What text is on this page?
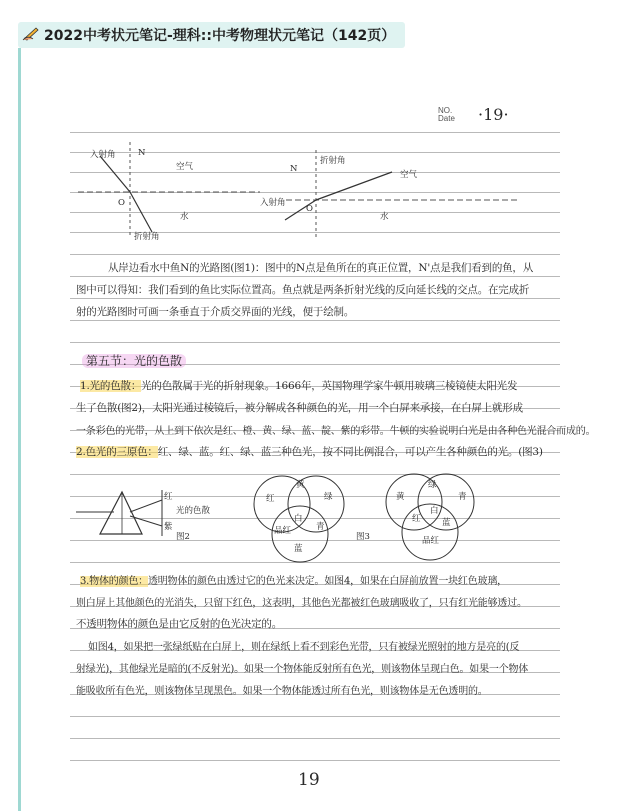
2022中考状元笔记-理科::中考物理状元笔记（142页）
NO.
Date ·19·
入射角	N
空气
O
水
折射角
折射角
N
空气
入射角
O
水
从岸边看水中鱼N的光路图(图1)：图中的N点是鱼所在的真正位置，N'点是我们看到的鱼，从
图中可以得知：我们看到的鱼比实际位置高。鱼点就是两条折射光线的反向延长线的交点。在完成折
射的光路图时可画一条垂直于介质交界面的光线，便于绘制。
第五节：光的色散
1.光的色散：光的色散属于光的折射现象。1666年，英国物理学家牛顿用玻璃三棱镜使太阳光发
生了色散(图2)，太阳光通过棱镜后，被分解成各种颜色的光，用一个白屏来承接，在白屏上就形成
一条彩色的光带，从上到下依次是红、橙、黄、绿、蓝、靛、紫的彩带。牛顿的实验说明白光是由各种色光混合而成的。
2.色光的三原色：红、绿、蓝。红、绿、蓝三种色光，按不同比例混合，可以产生各种颜色的光。(图3)
红
紫
光的色散
图2
红
黄
绿
白
品红	青
蓝
图3
黄
绿
青
红
白
蓝
品红
3.物体的颜色：透明物体的颜色由透过它的色光来决定。如图4，如果在白屏前放置一块红色玻璃，
则白屏上其他颜色的光消失，只留下红色，这表明，其他色光都被红色玻璃吸收了，只有红光能够透过。
不透明物体的颜色是由它反射的色光决定的。
如图4，如果把一张绿纸贴在白屏上，则在绿纸上看不到彩色光带，只有被绿光照射的地方是亮的(反
射绿光)，其他绿光是暗的(不反射光)。如果一个物体能反射所有色光，则该物体呈现白色。如果一个物体
能吸收所有色光，则该物体呈现黑色。如果一个物体能透过所有色光，则该物体是无色透明的。
19
